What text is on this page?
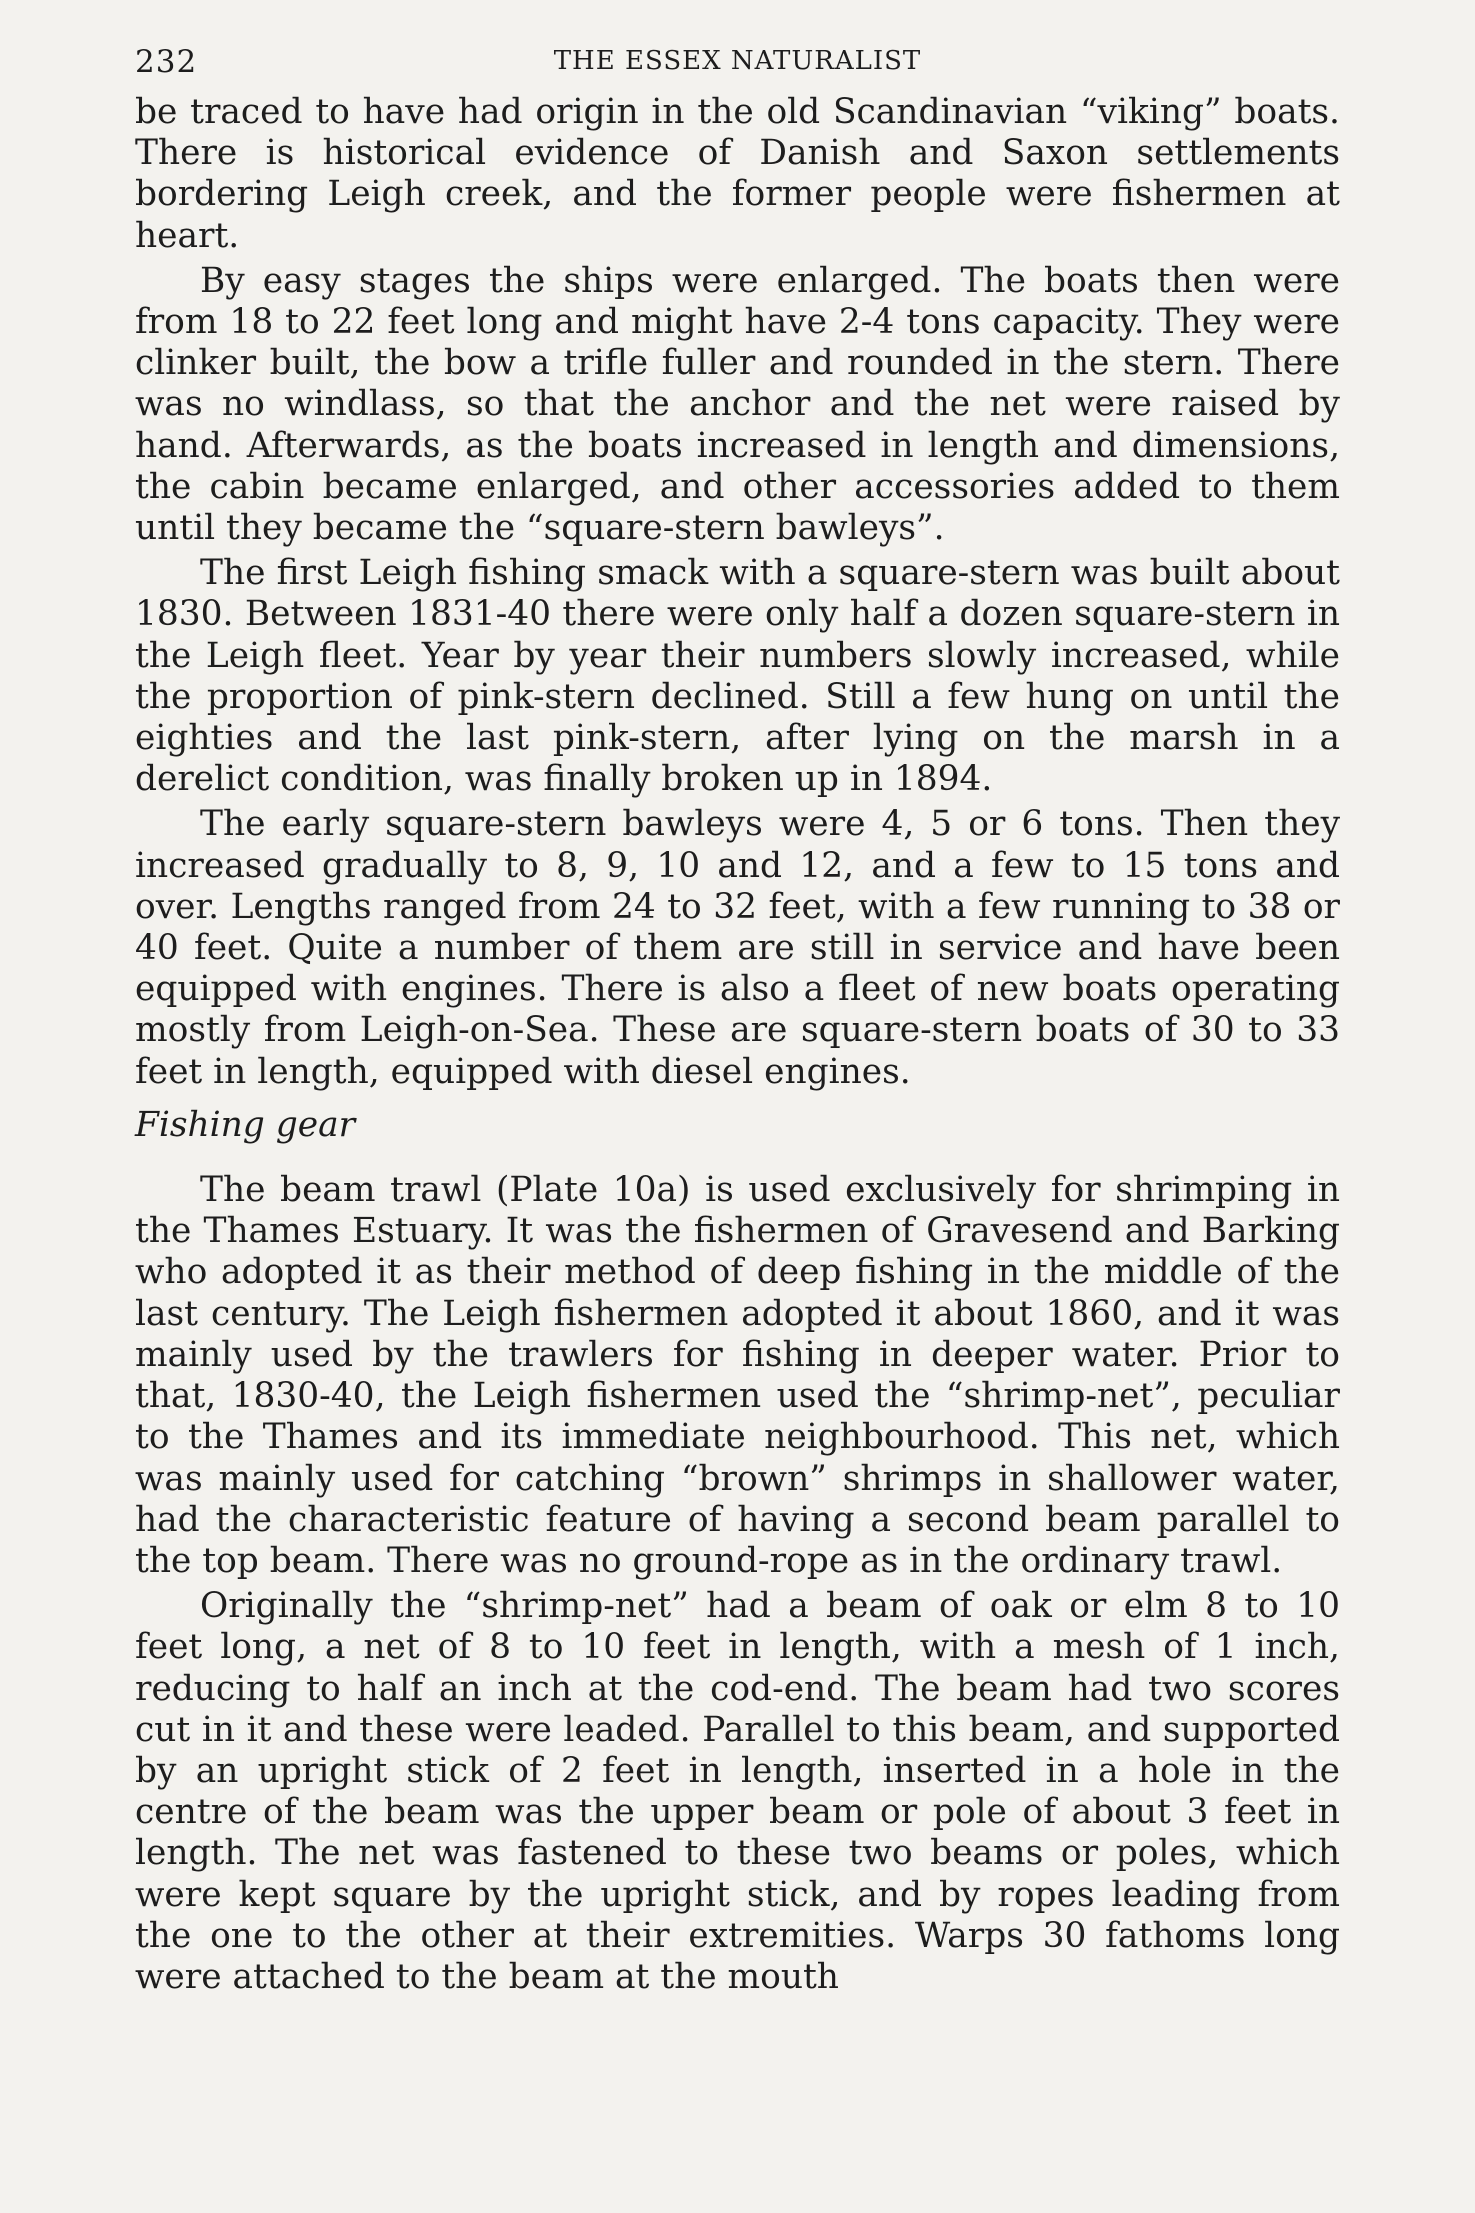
232	THE ESSEX NATURALIST

be traced to have had origin in the old Scandinavian “viking” boats. There is historical evidence of Danish and Saxon settlements bordering Leigh creek, and the former people were fishermen at heart.

By easy stages the ships were enlarged. The boats then were from 18 to 22 feet long and might have 2-4 tons capacity. They were clinker built, the bow a trifle fuller and rounded in the stern. There was no windlass, so that the anchor and the net were raised by hand. Afterwards, as the boats increased in length and dimensions, the cabin became enlarged, and other accessories added to them until they became the “square-stern bawleys”.

The first Leigh fishing smack with a square-stern was built about 1830. Between 1831-40 there were only half a dozen square-stern in the Leigh fleet. Year by year their numbers slowly increased, while the proportion of pink-stern declined. Still a few hung on until the eighties and the last pink-stern, after lying on the marsh in a derelict condition, was finally broken up in 1894.

The early square-stern bawleys were 4, 5 or 6 tons. Then they increased gradually to 8, 9, 10 and 12, and a few to 15 tons and over. Lengths ranged from 24 to 32 feet, with a few running to 38 or 40 feet. Quite a number of them are still in service and have been equipped with engines. There is also a fleet of new boats operating mostly from Leigh-on-Sea. These are square-stern boats of 30 to 33 feet in length, equipped with diesel engines.

Fishing gear

The beam trawl (Plate 10a) is used exclusively for shrimping in the Thames Estuary. It was the fishermen of Gravesend and Barking who adopted it as their method of deep fishing in the middle of the last century. The Leigh fishermen adopted it about 1860, and it was mainly used by the trawlers for fishing in deeper water. Prior to that, 1830-40, the Leigh fishermen used the “shrimp-net”, peculiar to the Thames and its immediate neighbourhood. This net, which was mainly used for catching “brown” shrimps in shallower water, had the characteristic feature of having a second beam parallel to the top beam. There was no ground-rope as in the ordinary trawl.

Originally the “shrimp-net” had a beam of oak or elm 8 to 10 feet long, a net of 8 to 10 feet in length, with a mesh of 1 inch, reducing to half an inch at the cod-end. The beam had two scores cut in it and these were leaded. Parallel to this beam, and supported by an upright stick of 2 feet in length, inserted in a hole in the centre of the beam was the upper beam or pole of about 3 feet in length. The net was fastened to these two beams or poles, which were kept square by the upright stick, and by ropes leading from the one to the other at their extremities. Warps 30 fathoms long were attached to the beam at the mouth
